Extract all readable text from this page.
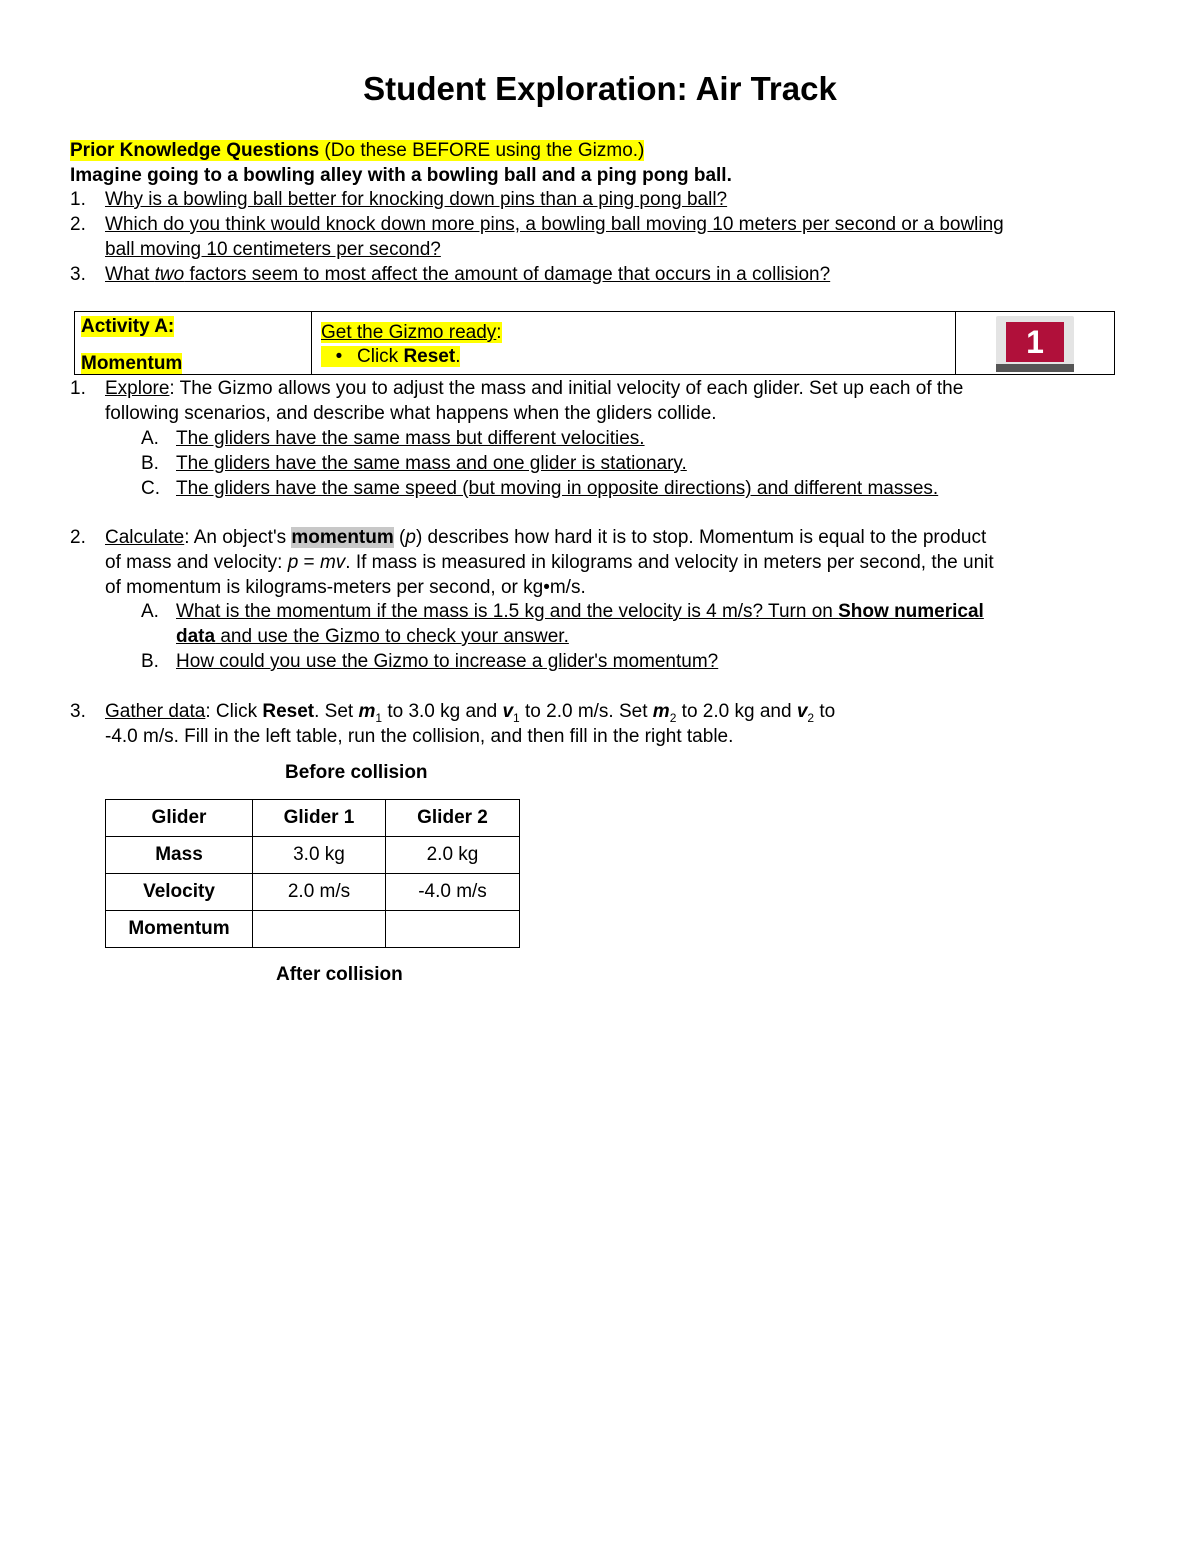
Student Exploration: Air Track
Prior Knowledge Questions (Do these BEFORE using the Gizmo.)
Imagine going to a bowling alley with a bowling ball and a ping pong ball.
1. Why is a bowling ball better for knocking down pins than a ping pong ball?
2. Which do you think would knock down more pins, a bowling ball moving 10 meters per second or a bowling
ball moving 10 centimeters per second?
3. What two factors seem to most affect the amount of damage that occurs in a collision?
Activity A:
Momentum
Get the Gizmo ready:
• Click Reset.	1
1. Explore: The Gizmo allows you to adjust the mass and initial velocity of each glider. Set up each of the
following scenarios, and describe what happens when the gliders collide.
A. The gliders have the same mass but different velocities.
B. The gliders have the same mass and one glider is stationary.
C. The gliders have the same speed (but moving in opposite directions) and different masses.
2. Calculate: An object's momentum (p) describes how hard it is to stop. Momentum is equal to the product
of mass and velocity: p = mv. If mass is measured in kilograms and velocity in meters per second, the unit
of momentum is kilograms-meters per second, or kg•m/s.
A. What is the momentum if the mass is 1.5 kg and the velocity is 4 m/s? Turn on Show numerical
data and use the Gizmo to check your answer.
B. How could you use the Gizmo to increase a glider's momentum?
3. Gather data: Click Reset. Set $m_1$ to 3.0 kg and $v_1$ to 2.0 m/s. Set $m_2$ to 2.0 kg and $v_2$ to
-4.0 m/s. Fill in the left table, run the collision, and then fill in the right table.
Before collision
Glider	Glider 1	Glider 2
Mass	3.0 kg	2.0 kg
Velocity	2.0 m/s	-4.0 m/s
Momentum		
After collision
